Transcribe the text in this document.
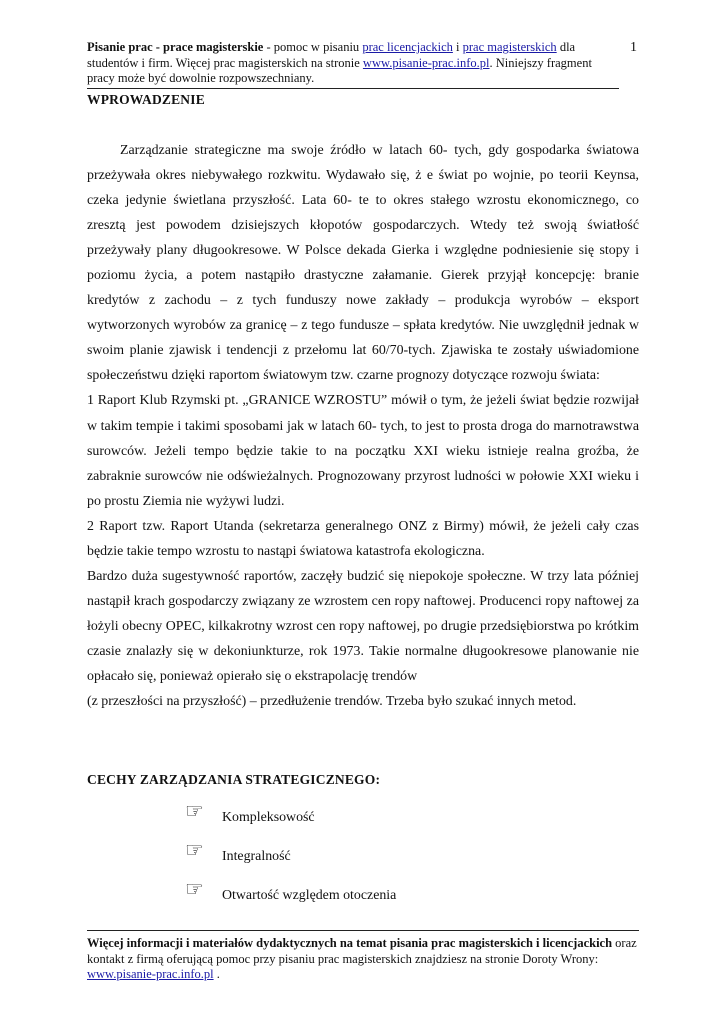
Pisanie prac - prace magisterskie - pomoc w pisaniu prac licencjackich i prac magisterskich dla studentów i firm. Więcej prac magisterskich na stronie www.pisanie-prac.info.pl. Niniejszy fragment pracy może być dowolnie rozpowszechniany.
1
WPROWADZENIE

Zarządzanie strategiczne ma swoje źródło w latach 60- tych, gdy gospodarka światowa przeżywała okres niebywałego rozkwitu. Wydawało się, ż e świat po wojnie, po teorii Keynsa, czeka jedynie świetlana przyszłość. Lata 60- te to okres stałego wzrostu ekonomicznego, co zresztą jest powodem dzisiejszych kłopotów gospodarczych. Wtedy też swoją światłość przeżywały plany długookresowe. W Polsce dekada Gierka i względne podniesienie się stopy i poziomu życia, a potem nastąpiło drastyczne załamanie. Gierek przyjął koncepcję: branie kredytów z zachodu – z tych funduszy nowe zakłady – produkcja wyrobów – eksport wytworzonych wyrobów za granicę – z tego fundusze – spłata kredytów. Nie uwzględnił jednak w swoim planie zjawisk i tendencji z przełomu lat 60/70-tych. Zjawiska te zostały uświadomione społeczeństwu dzięki raportom światowym tzw. czarne prognozy dotyczące rozwoju świata:

1 Raport Klub Rzymski pt. „GRANICE WZROSTU” mówił o tym, że jeżeli świat będzie rozwijał w takim tempie i takimi sposobami jak w latach 60- tych, to jest to prosta droga do marnotrawstwa surowców. Jeżeli tempo będzie takie to na początku XXI wieku istnieje realna groźba, że zabraknie surowców nie odświeżalnych. Prognozowany przyrost ludności w połowie XXI wieku i po prostu Ziemia nie wyżywi ludzi.

2 Raport tzw. Raport Utanda (sekretarza generalnego ONZ z Birmy) mówił, że jeżeli cały czas będzie takie tempo wzrostu to nastąpi światowa katastrofa ekologiczna.

Bardzo duża sugestywność raportów, zaczęły budzić się niepokoje społeczne. W trzy lata później nastąpił krach gospodarczy związany ze wzrostem cen ropy naftowej. Producenci ropy naftowej za łożyli obecny OPEC, kilkakrotny wzrost cen ropy naftowej, po drugie przedsiębiorstwa po krótkim czasie znalazły się w dekoniunkturze, rok 1973. Takie normalne długookresowe planowanie nie opłacało się, ponieważ opierało się o ekstrapolację trendów

(z przeszłości na przyszłość) – przedłużenie trendów. Trzeba było szukać innych metod.

CECHY ZARZĄDZANIA STRATEGICZNEGO:
☞ Kompleksowość
☞ Integralność
☞ Otwartość względem otoczenia
Więcej informacji i materiałów dydaktycznych na temat pisania prac magisterskich i licencjackich oraz kontakt z firmą oferującą pomoc przy pisaniu prac magisterskich znajdziesz na stronie Doroty Wrony: www.pisanie-prac.info.pl .
